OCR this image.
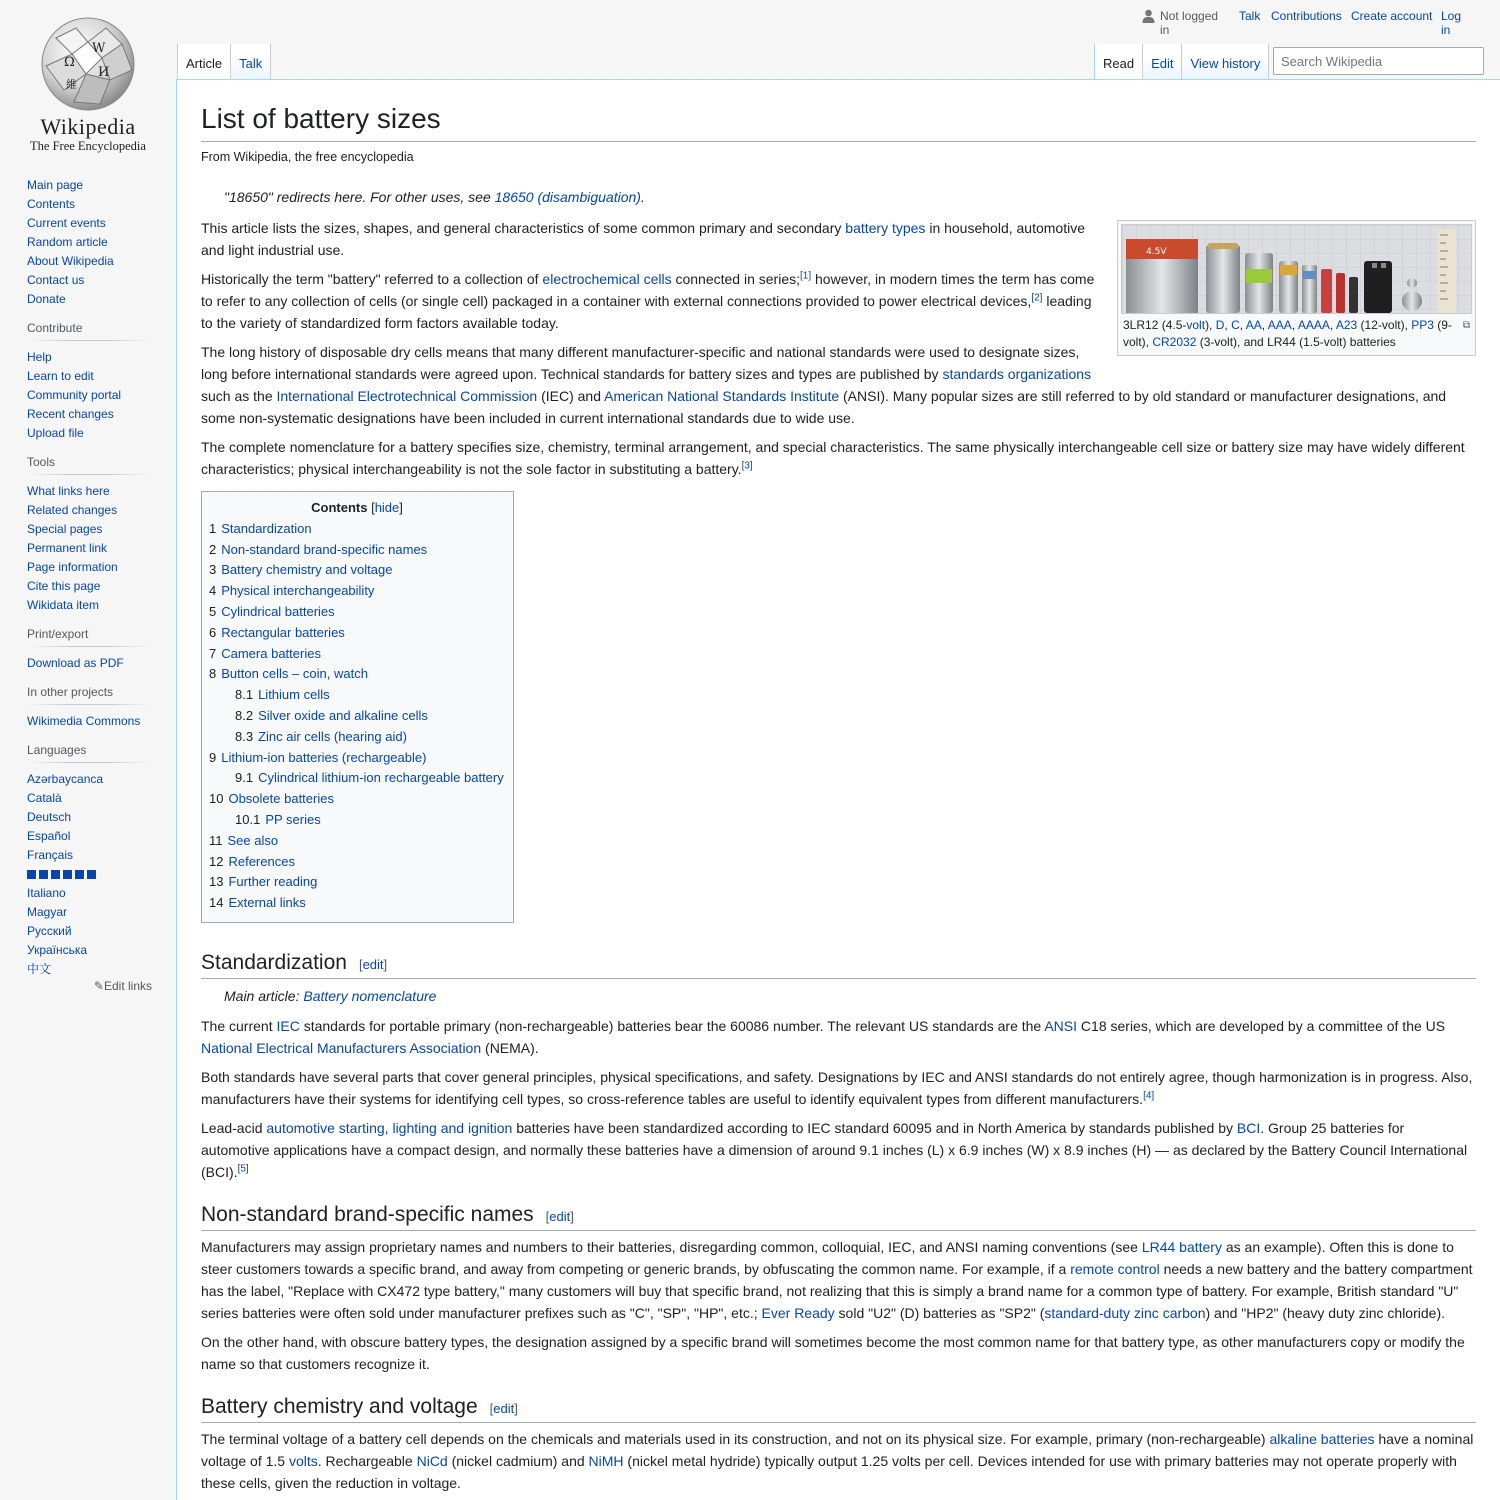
Ω
W
И
維
Wikipedia
The Free Encyclopedia
Not logged in
Talk Contributions Create account Log in
Article	Talk	Read	Edit	View history
Search Wikipedia
Main page
Contents
Current events
Random article
About Wikipedia
Contact us
Donate
Contribute
Help
Learn to edit
Community portal
Recent changes
Upload file
Tools
What links here
Related changes
Special pages
Permanent link
Page information
Cite this page
Wikidata item
Print/export
Download as PDF
In other projects
Wikimedia Commons
Languages
Azərbaycanca
Català
Deutsch
Español
Français
Italiano
Magyar
Русский
Українська
中文
✎Edit links
List of battery sizes
From Wikipedia, the free encyclopedia
"18650" redirects here. For other uses, see 18650 (disambiguation).
4.5V
⧉
3LR12 (4.5-volt), D, C, AA, AAA, AAAA, A23 (12-volt), PP3 (9-volt), CR2032 (3-volt), and LR44 (1.5-volt) batteries

This article lists the sizes, shapes, and general characteristics of some common primary and secondary battery types in household, automotive and light industrial use.

Historically the term "battery" referred to a collection of electrochemical cells connected in series;[1] however, in modern times the term has come to refer to any collection of cells (or single cell) packaged in a container with external connections provided to power electrical devices,[2] leading to the variety of standardized form factors available today.

The long history of disposable dry cells means that many different manufacturer-specific and national standards were used to designate sizes, long before international standards were agreed upon. Technical standards for battery sizes and types are published by standards organizations such as the International Electrotechnical Commission (IEC) and American National Standards Institute (ANSI). Many popular sizes are still referred to by old standard or manufacturer designations, and some non-systematic designations have been included in current international standards due to wide use.

The complete nomenclature for a battery specifies size, chemistry, terminal arrangement, and special characteristics. The same physically interchangeable cell size or battery size may have widely different characteristics; physical interchangeability is not the sole factor in substituting a battery.[3]

Contents [hide]
1 Standardization
2 Non-standard brand-specific names
3 Battery chemistry and voltage
4 Physical interchangeability
5 Cylindrical batteries
6 Rectangular batteries
7 Camera batteries
8 Button cells – coin, watch
8.1 Lithium cells
8.2 Silver oxide and alkaline cells
8.3 Zinc air cells (hearing aid)
9 Lithium-ion batteries (rechargeable)
9.1 Cylindrical lithium-ion rechargeable battery
10 Obsolete batteries
10.1 PP series
11 See also
12 References
13 Further reading
14 External links
Standardization [edit]
Main article: Battery nomenclature

The current IEC standards for portable primary (non-rechargeable) batteries bear the 60086 number. The relevant US standards are the ANSI C18 series, which are developed by a committee of the US National Electrical Manufacturers Association (NEMA).

Both standards have several parts that cover general principles, physical specifications, and safety. Designations by IEC and ANSI standards do not entirely agree, though harmonization is in progress. Also, manufacturers have their systems for identifying cell types, so cross-reference tables are useful to identify equivalent types from different manufacturers.[4]

Lead-acid automotive starting, lighting and ignition batteries have been standardized according to IEC standard 60095 and in North America by standards published by BCI. Group 25 batteries for automotive applications have a compact design, and normally these batteries have a dimension of around 9.1 inches (L) x 6.9 inches (W) x 8.9 inches (H) — as declared by the Battery Council International (BCI).[5]

Non-standard brand-specific names [edit]

Manufacturers may assign proprietary names and numbers to their batteries, disregarding common, colloquial, IEC, and ANSI naming conventions (see LR44 battery as an example). Often this is done to steer customers towards a specific brand, and away from competing or generic brands, by obfuscating the common name. For example, if a remote control needs a new battery and the battery compartment has the label, "Replace with CX472 type battery," many customers will buy that specific brand, not realizing that this is simply a brand name for a common type of battery. For example, British standard "U" series batteries were often sold under manufacturer prefixes such as "C", "SP", "HP", etc.; Ever Ready sold "U2" (D) batteries as "SP2" (standard-duty zinc carbon) and "HP2" (heavy duty zinc chloride).

On the other hand, with obscure battery types, the designation assigned by a specific brand will sometimes become the most common name for that battery type, as other manufacturers copy or modify the name so that customers recognize it.

Battery chemistry and voltage [edit]

The terminal voltage of a battery cell depends on the chemicals and materials used in its construction, and not on its physical size. For example, primary (non-rechargeable) alkaline batteries have a nominal voltage of 1.5 volts. Rechargeable NiCd (nickel cadmium) and NiMH (nickel metal hydride) typically output 1.25 volts per cell. Devices intended for use with primary batteries may not operate properly with these cells, given the reduction in voltage.
